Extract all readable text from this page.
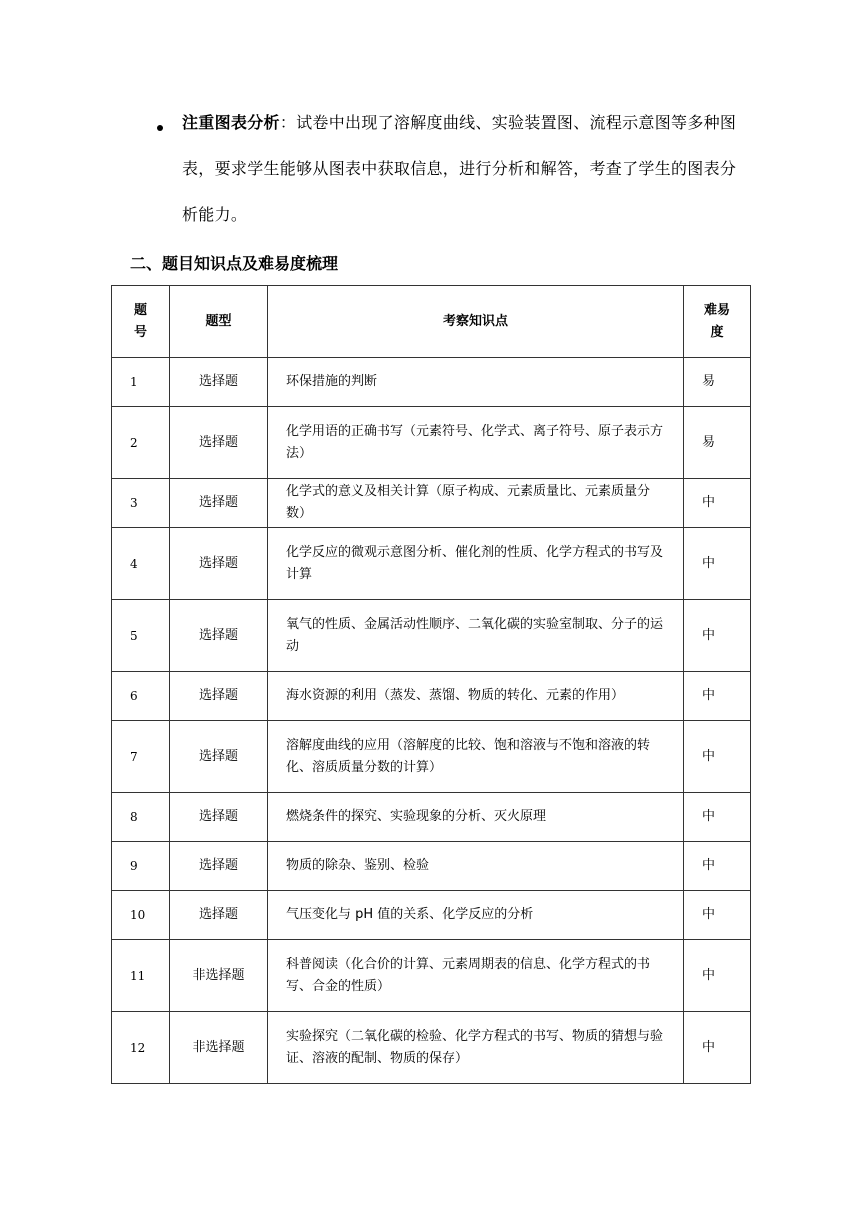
注重图表分析：试卷中出现了溶解度曲线、实验装置图、流程示意图等多种图表，要求学生能够从图表中获取信息，进行分析和解答，考查了学生的图表分析能力。
二、题目知识点及难易度梳理
题号	题型	考察知识点	难易度
1	选择题	环保措施的判断	易
2	选择题	化学用语的正确书写（元素符号、化学式、离子符号、原子表示方法）	易
3	选择题	化学式的意义及相关计算（原子构成、元素质量比、元素质量分数）	中
4	选择题	化学反应的微观示意图分析、催化剂的性质、化学方程式的书写及计算	中
5	选择题	氧气的性质、金属活动性顺序、二氧化碳的实验室制取、分子的运动	中
6	选择题	海水资源的利用（蒸发、蒸馏、物质的转化、元素的作用）	中
7	选择题	溶解度曲线的应用（溶解度的比较、饱和溶液与不饱和溶液的转化、溶质质量分数的计算）	中
8	选择题	燃烧条件的探究、实验现象的分析、灭火原理	中
9	选择题	物质的除杂、鉴别、检验	中
10	选择题	气压变化与 pH 值的关系、化学反应的分析	中
11	非选择题	科普阅读（化合价的计算、元素周期表的信息、化学方程式的书写、合金的性质）	中
12	非选择题	实验探究（二氧化碳的检验、化学方程式的书写、物质的猜想与验证、溶液的配制、物质的保存）	中
